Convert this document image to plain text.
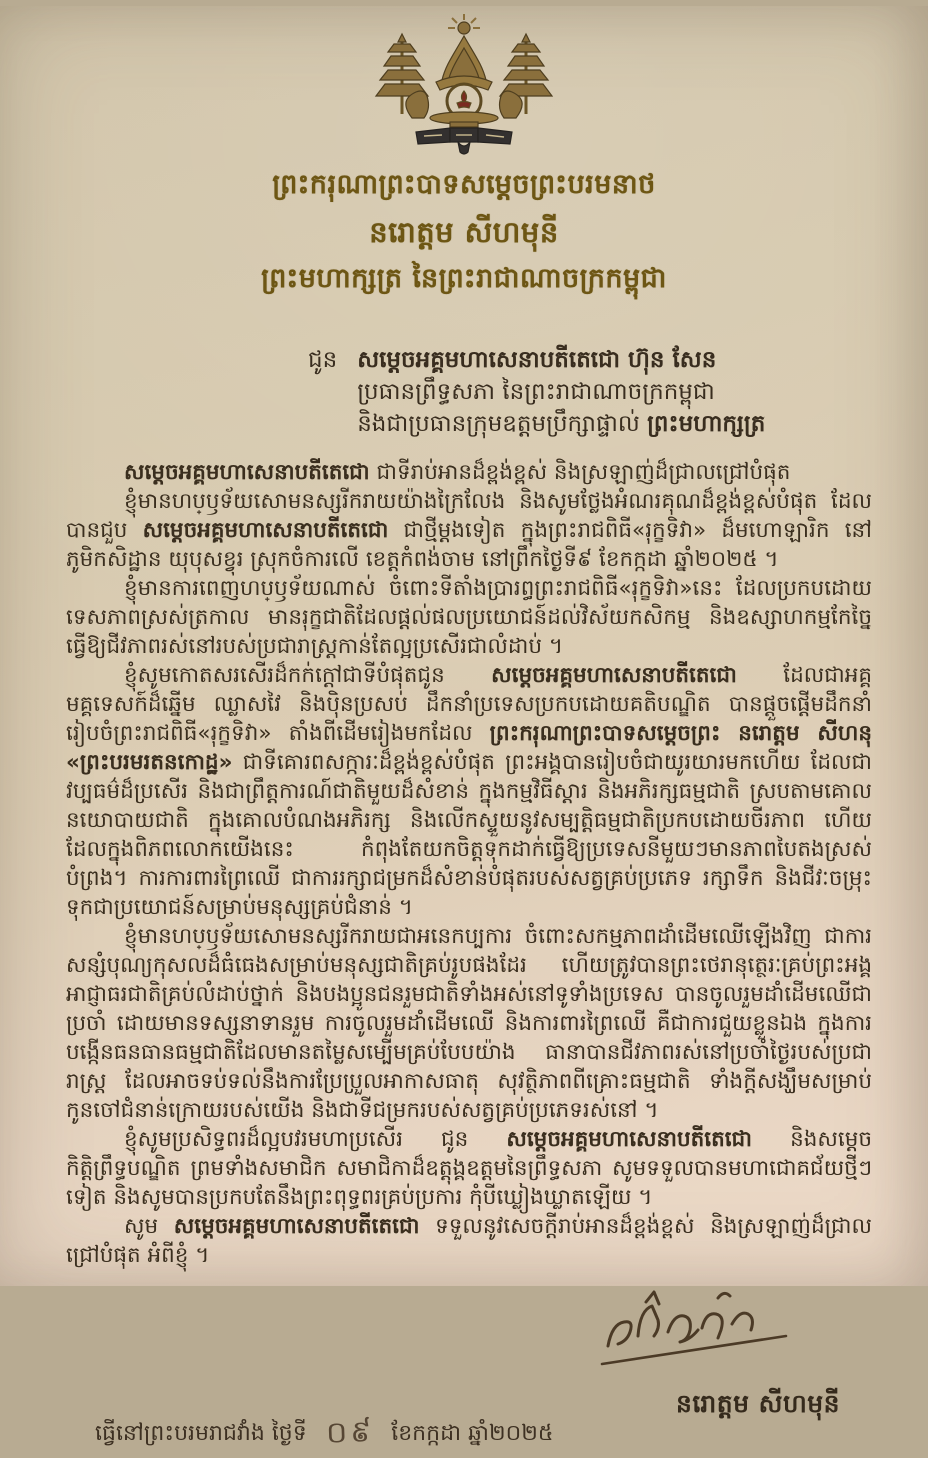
ព្រះករុណាព្រះបាទសម្តេចព្រះបរមនាថ
នរោត្តម សីហមុនី
ព្រះមហាក្សត្រ នៃព្រះរាជាណាចក្រកម្ពុជា
ជូន សម្តេចអគ្គមហាសេនាបតីតេជោ ហ៊ុន សែន
ប្រធានព្រឹទ្ធសភា នៃព្រះរាជាណាចក្រកម្ពុជា
និងជាប្រធានក្រុមឧត្តមប្រឹក្សាផ្ទាល់ ព្រះមហាក្សត្រ

សម្តេចអគ្គមហាសេនាបតីតេជោ ជាទីរាប់អានដ៏ខ្ពង់ខ្ពស់ និងស្រឡាញ់ដ៏ជ្រាលជ្រៅបំផុត

ខ្ញុំមានហប្ឫទ័យសោមនស្សរីករាយយ៉ាងក្រៃលែង និងសូមថ្លែងអំណរគុណដ៏ខ្ពង់ខ្ពស់បំផុត ដែលបានជួប សម្តេចអគ្គមហាសេនាបតីតេជោ ជាថ្មីម្តងទៀត ក្នុងព្រះរាជពិធី«រុក្ខទិវា» ដ៏មហោឡារិក នៅភូមិកសិដ្ឋាន យុបុសខ្វុរ ស្រុកចំការលើ ខេត្តកំពង់ចាម នៅព្រឹកថ្ងៃទី៩ ខែកក្កដា ឆ្នាំ២០២៥ ។

ខ្ញុំមានការពេញហប្ឫទ័យណាស់ ចំពោះទីតាំងប្រារព្ធព្រះរាជពិធី«រុក្ខទិវា»នេះ ដែលប្រកបដោយទេសភាពស្រស់ត្រកាល មានរុក្ខជាតិដែលផ្តល់ផលប្រយោជន៍ដល់វិស័យកសិកម្ម និងឧស្សាហកម្មកែច្នៃ ធ្វើឱ្យជីវភាពរស់នៅរបស់ប្រជារាស្ត្រកាន់តែល្អប្រសើរជាលំដាប់ ។

ខ្ញុំសូមកោតសរសើរដ៏កក់ក្តៅជាទីបំផុតជូន សម្តេចអគ្គមហាសេនាបតីតេជោ ដែលជាអគ្គមគ្គទេសក៍ដ៏ឆ្នើម ឈ្លាសវៃ និងប៉ិនប្រសប់ ដឹកនាំប្រទេសប្រកបដោយគតិបណ្ឌិត បានផ្តួចផ្តើមដឹកនាំរៀបចំព្រះរាជពិធី«រុក្ខទិវា» តាំងពីដើមរៀងមកដែល ព្រះករុណាព្រះបាទសម្តេចព្រះ នរោត្តម សីហនុ «ព្រះបរមរតនកោដ្ឋ» ជាទីគោរពសក្ការៈដ៏ខ្ពង់ខ្ពស់បំផុត ព្រះអង្គបានរៀបចំជាយូរយារមកហើយ ដែលជាវប្បធម៌ដ៏ប្រសើរ និងជាព្រឹត្តការណ៍ជាតិមួយដ៏សំខាន់ ក្នុងកម្មវិធីស្តារ និងអភិរក្សធម្មជាតិ ស្របតាមគោលនយោបាយជាតិ ក្នុងគោលបំណងអភិរក្ស និងលើកស្ទួយនូវសម្បត្តិធម្មជាតិប្រកបដោយចីរភាព ហើយដែលក្នុងពិភពលោកយើងនេះ កំពុងតែយកចិត្តទុកដាក់ធ្វើឱ្យប្រទេសនីមួយៗមានភាពបៃតងស្រស់បំព្រង។ ការការពារព្រៃឈើ ជាការរក្សាជម្រកដ៏សំខាន់បំផុតរបស់សត្វគ្រប់ប្រភេទ រក្សាទឹក និងជីវៈចម្រុះ ទុកជាប្រយោជន៍សម្រាប់មនុស្សគ្រប់ជំនាន់ ។

ខ្ញុំមានហប្ឫទ័យសោមនស្សរីករាយជាអនេកប្បការ ចំពោះសកម្មភាពដាំដើមឈើឡើងវិញ ជាការសន្សំបុណ្យកុសលដ៏ធំធេងសម្រាប់មនុស្សជាតិគ្រប់រូបផងដែរ ហើយត្រូវបានព្រះថេរានុត្ថេរៈគ្រប់ព្រះអង្គ អាជ្ញាធរជាតិគ្រប់លំដាប់ថ្នាក់ និងបងប្អូនជនរួមជាតិទាំងអស់នៅទូទាំងប្រទេស បានចូលរួមដាំដើមឈើជាប្រចាំ ដោយមានទស្សនាទានរួម ការចូលរួមដាំដើមឈើ និងការពារព្រៃឈើ គឺជាការជួយខ្លួនឯង ក្នុងការបង្កើនធនធានធម្មជាតិដែលមានតម្លៃសម្បើមគ្រប់បែបយ៉ាង ធានាបានជីវភាពរស់នៅប្រចាំថ្ងៃរបស់ប្រជារាស្ត្រ ដែលអាចទប់ទល់នឹងការប្រែប្រួលអាកាសធាតុ សុវត្ថិភាពពីគ្រោះធម្មជាតិ ទាំងក្តីសង្ឃឹមសម្រាប់កូនចៅជំនាន់ក្រោយរបស់យើង និងជាទីជម្រករបស់សត្វគ្រប់ប្រភេទរស់នៅ ។

ខ្ញុំសូមប្រសិទ្ធពរដ៏ល្អបវរមហាប្រសើរ ជូន សម្តេចអគ្គមហាសេនាបតីតេជោ និងសម្តេចកិត្តិព្រឹទ្ធបណ្ឌិត ព្រមទាំងសមាជិក សមាជិកាដ៏ឧត្តុង្គឧត្តមនៃព្រឹទ្ធសភា សូមទទួលបានមហាជោគជ័យថ្មីៗទៀត និងសូមបានប្រកបតែនឹងព្រះពុទ្ធពរគ្រប់ប្រការ កុំបីឃ្លៀងឃ្លាតឡើយ ។

សូម សម្តេចអគ្គមហាសេនាបតីតេជោ ទទួលនូវសេចក្តីរាប់អានដ៏ខ្ពង់ខ្ពស់ និងស្រឡាញ់ដ៏ជ្រាលជ្រៅបំផុត អំពីខ្ញុំ ។

ធ្វើនៅព្រះបរមរាជវាំង ថ្ងៃទី ០៩ ខែកក្កដា ឆ្នាំ២០២៥
នរោត្តម សីហមុនី
